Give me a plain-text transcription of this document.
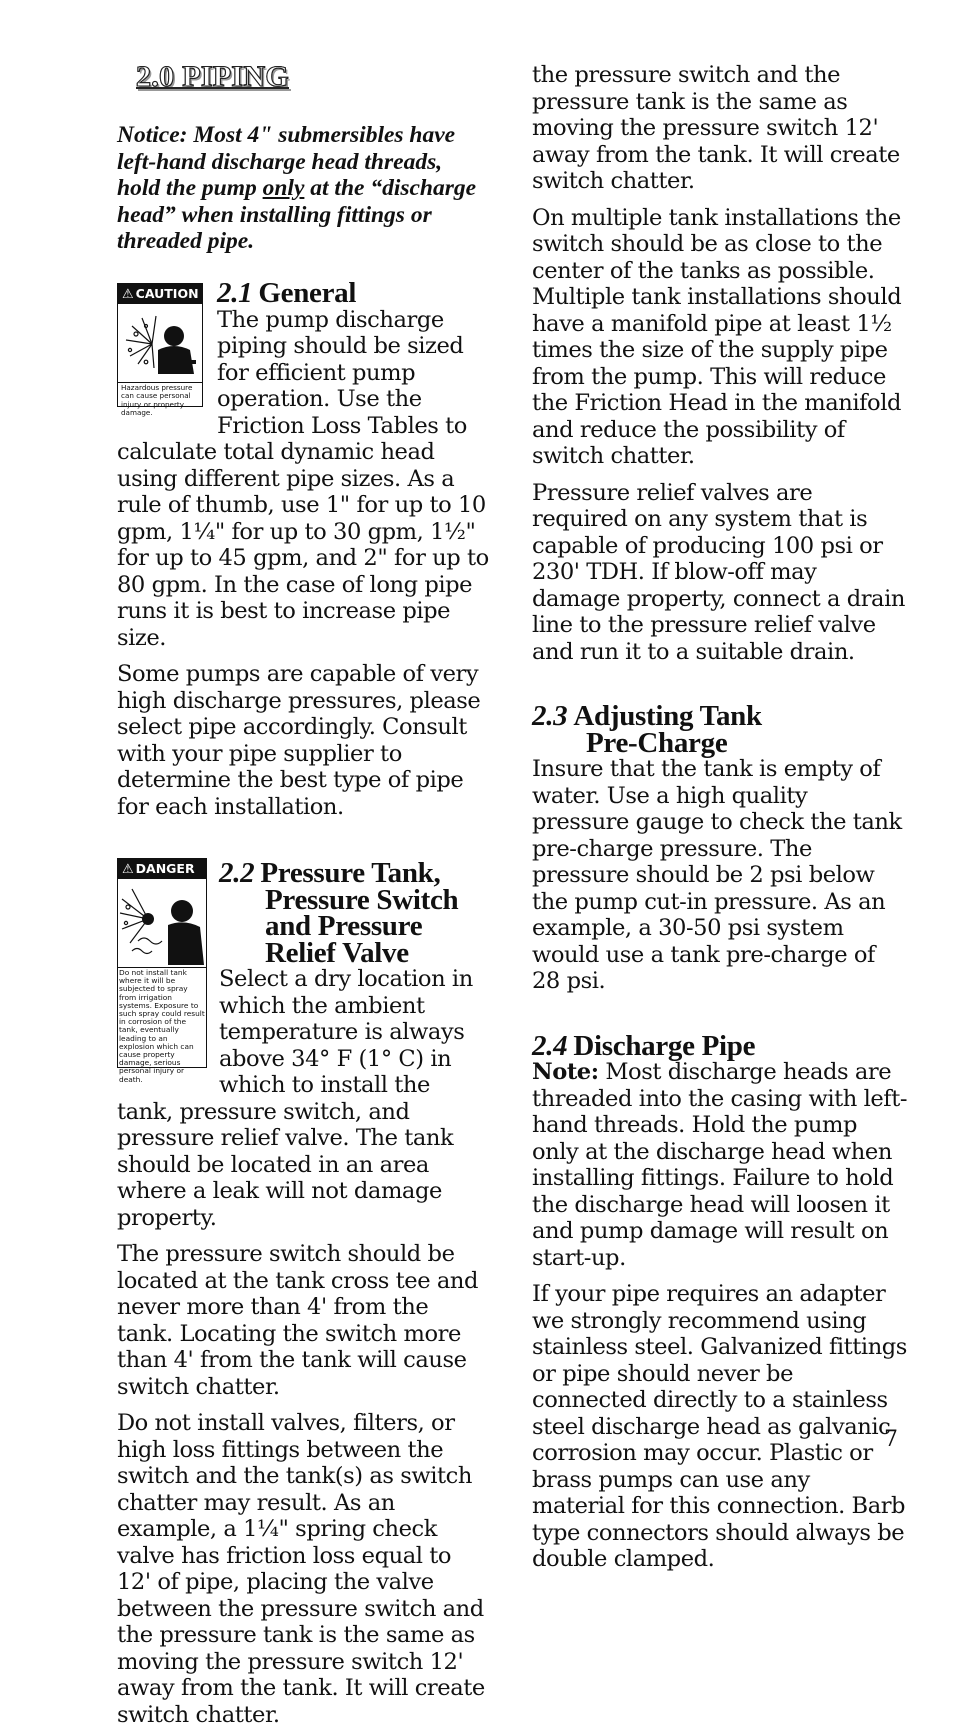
2.0 PIPING

Notice: Most 4" submersibles have left-hand discharge head threads, hold the pump only at the “discharge head” when installing fittings or threaded pipe.

⚠ CAUTION
Hazardous pressure can cause personal injury or property damage.
2.1 General

The pump discharge piping should be sized for efficient pump operation. Use the Friction Loss Tables to calculate total dynamic head using different pipe sizes. As a rule of thumb, use 1" for up to 10 gpm, 1¼" for up to 30 gpm, 1½" for up to 45 gpm, and 2" for up to 80 gpm. In the case of long pipe runs it is best to increase pipe size.

Some pumps are capable of very high discharge pressures, please select pipe accordingly. Consult with your pipe supplier to determine the best type of pipe for each installation.

⚠ DANGER
Do not install tank where it will be subjected to spray from irrigation systems. Exposure to such spray could result in corrosion of the tank, eventually leading to an explosion which can cause property damage, serious personal injury or death.
2.2 Pressure Tank,
Pressure Switch
and Pressure
Relief Valve

Select a dry location in which the ambient temperature is always above 34° F (1° C) in which to install the tank, pressure switch, and pressure relief valve. The tank should be located in an area where a leak will not damage property.

The pressure switch should be located at the tank cross tee and never more than 4' from the tank. Locating the switch more than 4' from the tank will cause switch chatter.

Do not install valves, filters, or high loss fittings between the switch and the tank(s) as switch chatter may result. As an example, a 1¼" spring check valve has friction loss equal to 12' of pipe, placing the valve between the pressure switch and the pressure tank is the same as moving the pressure switch 12' away from the tank. It will create switch chatter.

the pressure switch and the pressure tank is the same as moving the pressure switch 12' away from the tank. It will create switch chatter.

On multiple tank installations the switch should be as close to the center of the tanks as possible. Multiple tank installations should have a manifold pipe at least 1½ times the size of the supply pipe from the pump. This will reduce the Friction Head in the manifold and reduce the possibility of switch chatter.

Pressure relief valves are required on any system that is capable of producing 100 psi or 230' TDH. If blow-off may damage property, connect a drain line to the pressure relief valve and run it to a suitable drain.

2.3 Adjusting Tank
Pre-Charge

Insure that the tank is empty of water. Use a high quality pressure gauge to check the tank pre-charge pressure. The pressure should be 2 psi below the pump cut-in pressure. As an example, a 30-50 psi system would use a tank pre-charge of 28 psi.

2.4 Discharge Pipe

Note: Most discharge heads are threaded into the casing with left-hand threads. Hold the pump only at the discharge head when installing fittings. Failure to hold the discharge head will loosen it and pump damage will result on start-up.

If your pipe requires an adapter we strongly recommend using stainless steel. Galvanized fittings or pipe should never be connected directly to a stainless steel discharge head as galvanic corrosion may occur. Plastic or brass pumps can use any material for this connection. Barb type connectors should always be double clamped.

7
